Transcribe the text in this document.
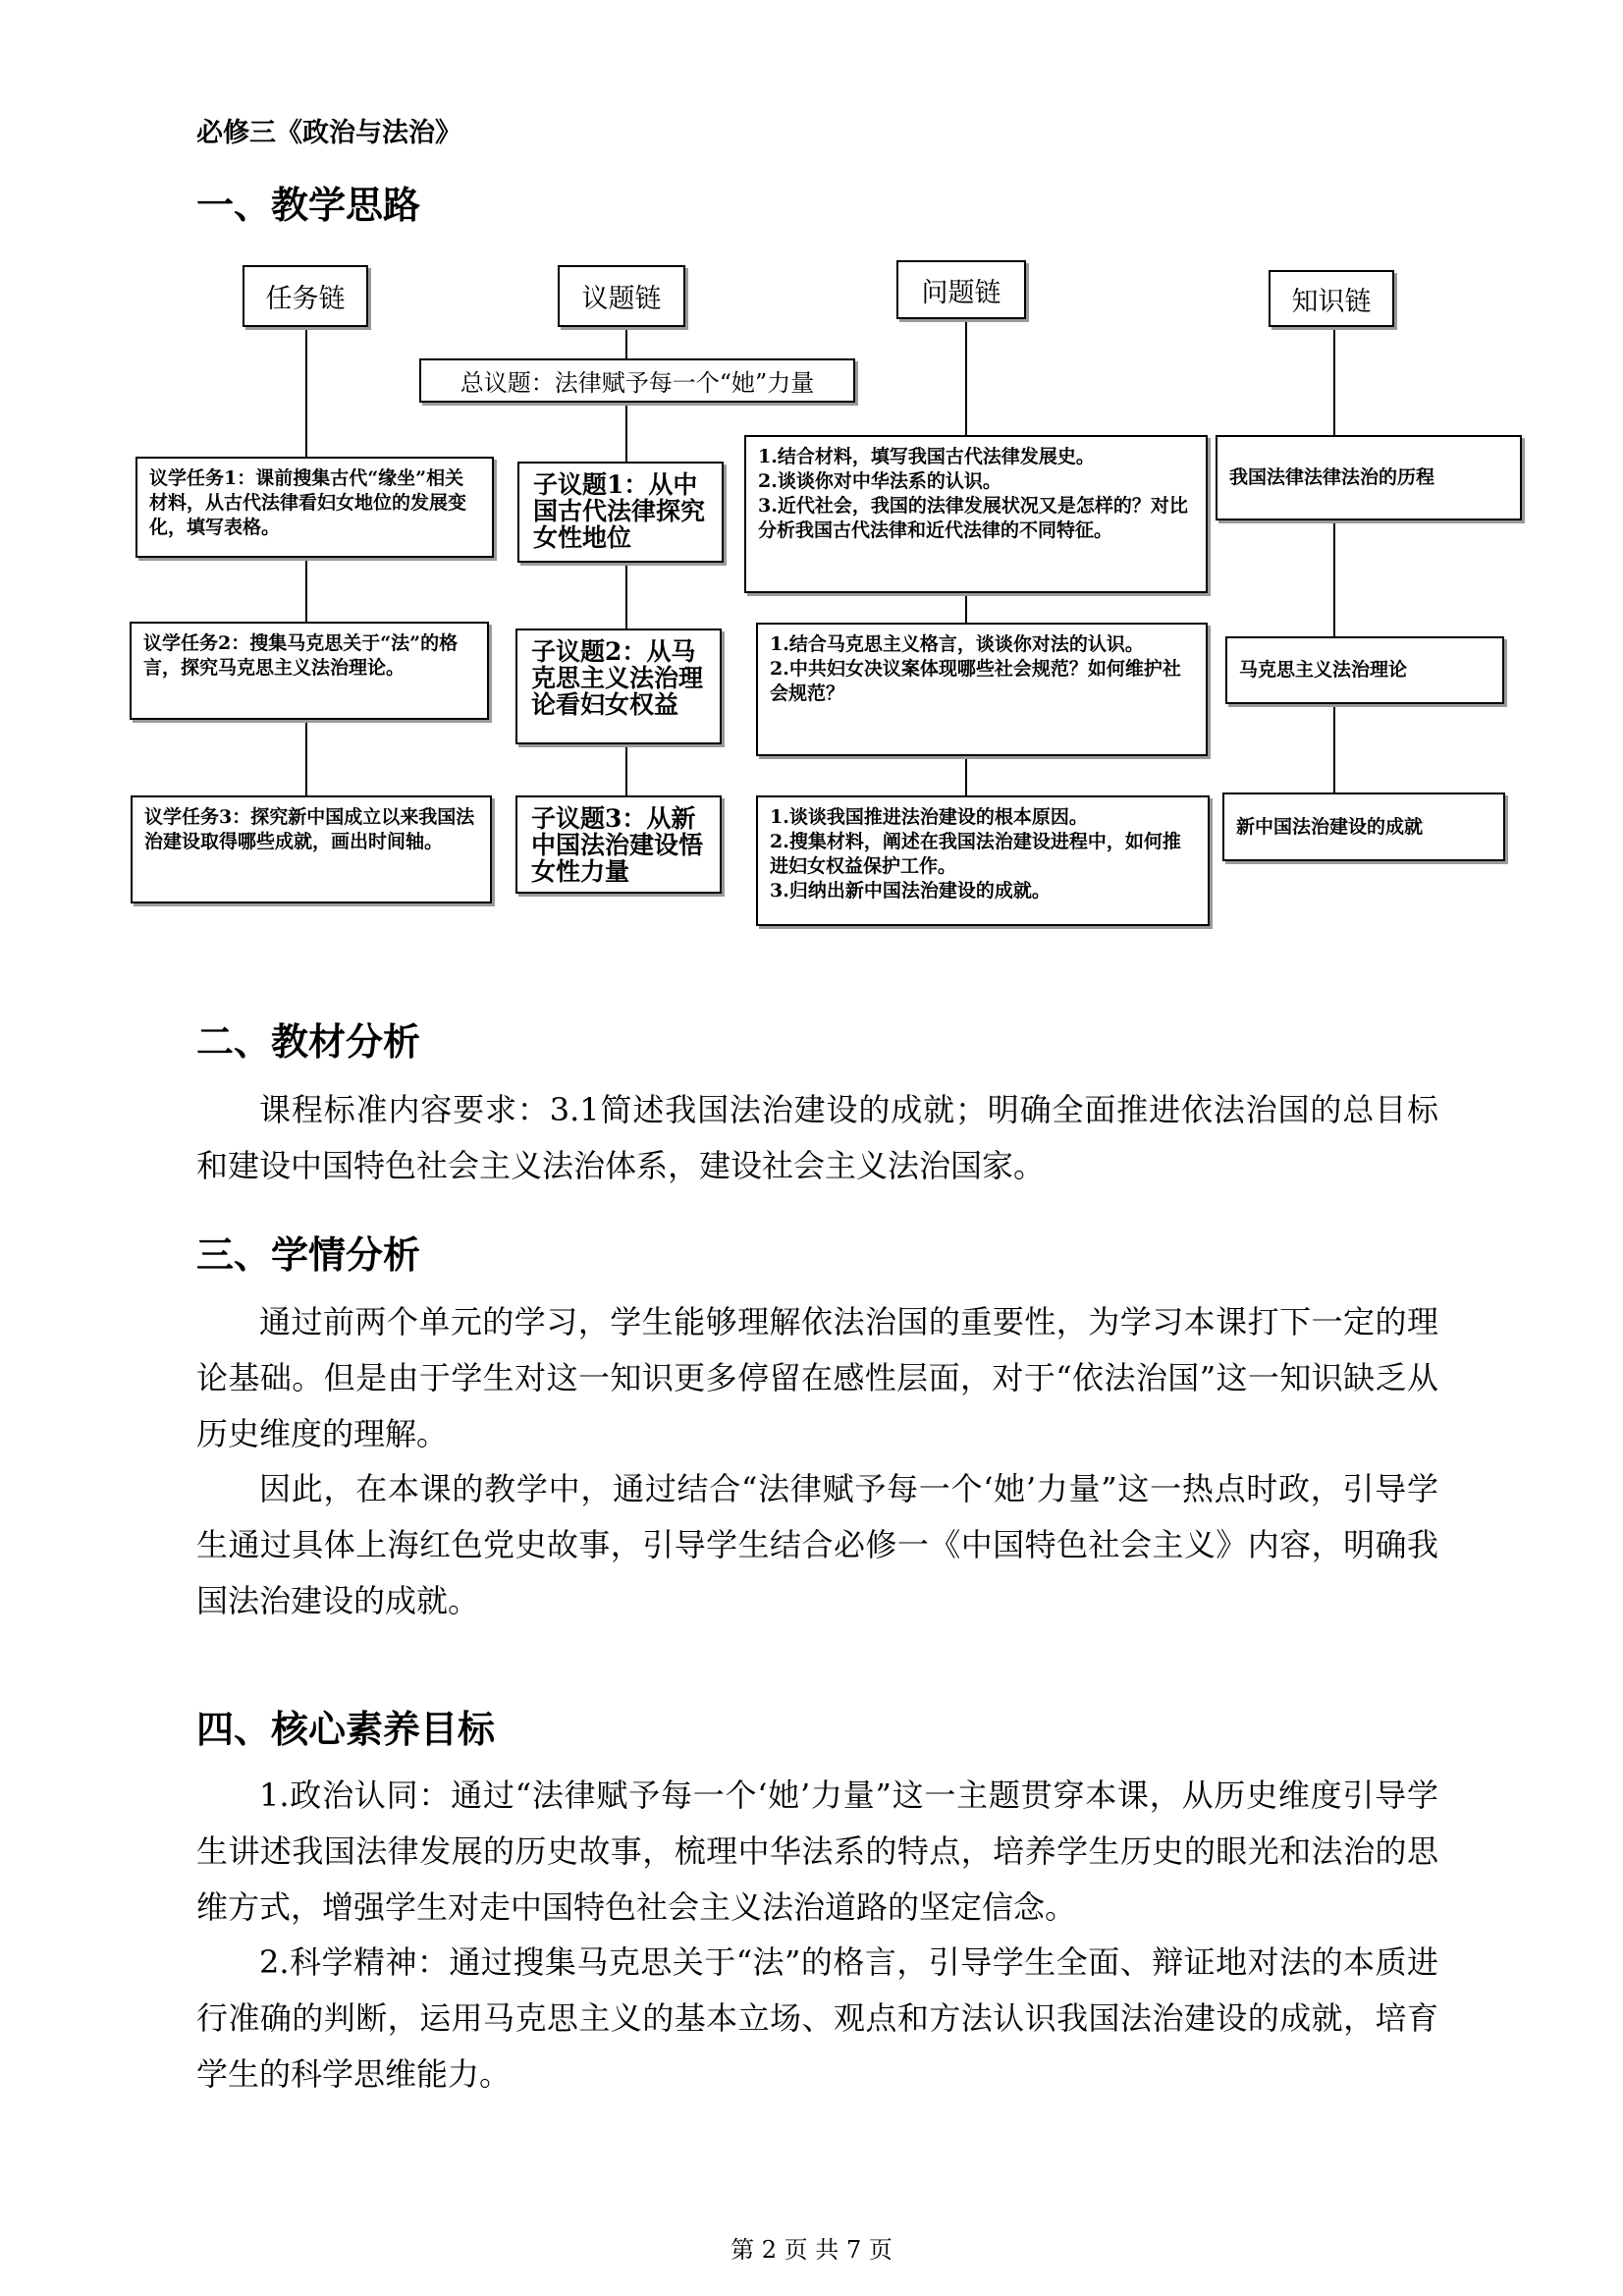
必修三《政治与法治》
一、教学思路
任务链	议题链	问题链	知识链
总议题：法律赋予每一个“她”力量
议学任务1：课前搜集古代“缘坐”相关材料，从古代法律看妇女地位的发展变化，填写表格。
议学任务2：搜集马克思关于“法”的格言，探究马克思主义法治理论。
议学任务3：探究新中国成立以来我国法治建设取得哪些成就，画出时间轴。
子议题1：从中国古代法律探究女性地位
子议题2：从马克思主义法治理论看妇女权益
子议题3：从新中国法治建设悟女性力量
1.结合材料，填写我国古代法律发展史。
2.谈谈你对中华法系的认识。
3.近代社会，我国的法律发展状况又是怎样的？对比分析我国古代法律和近代法律的不同特征。
1.结合马克思主义格言，谈谈你对法的认识。
2.中共妇女决议案体现哪些社会规范？如何维护社会规范？
1.谈谈我国推进法治建设的根本原因。
2.搜集材料，阐述在我国法治建设进程中，如何推进妇女权益保护工作。
3.归纳出新中国法治建设的成就。
我国法律法律法治的历程
马克思主义法治理论
新中国法治建设的成就
二、教材分析

课程标准内容要求：3.1简述我国法治建设的成就；明确全面推进依法治国的总目标和建设中国特色社会主义法治体系，建设社会主义法治国家。

三、学情分析

通过前两个单元的学习，学生能够理解依法治国的重要性，为学习本课打下一定的理论基础。但是由于学生对这一知识更多停留在感性层面，对于“依法治国”这一知识缺乏从历史维度的理解。

因此，在本课的教学中，通过结合“法律赋予每一个‘她’力量”这一热点时政，引导学生通过具体上海红色党史故事，引导学生结合必修一《中国特色社会主义》内容，明确我国法治建设的成就。

四、核心素养目标

1.政治认同：通过“法律赋予每一个‘她’力量”这一主题贯穿本课，从历史维度引导学生讲述我国法律发展的历史故事，梳理中华法系的特点，培养学生历史的眼光和法治的思维方式，增强学生对走中国特色社会主义法治道路的坚定信念。

2.科学精神：通过搜集马克思关于“法”的格言，引导学生全面、辩证地对法的本质进行准确的判断，运用马克思主义的基本立场、观点和方法认识我国法治建设的成就，培育学生的科学思维能力。

第 2 页 共 7 页
